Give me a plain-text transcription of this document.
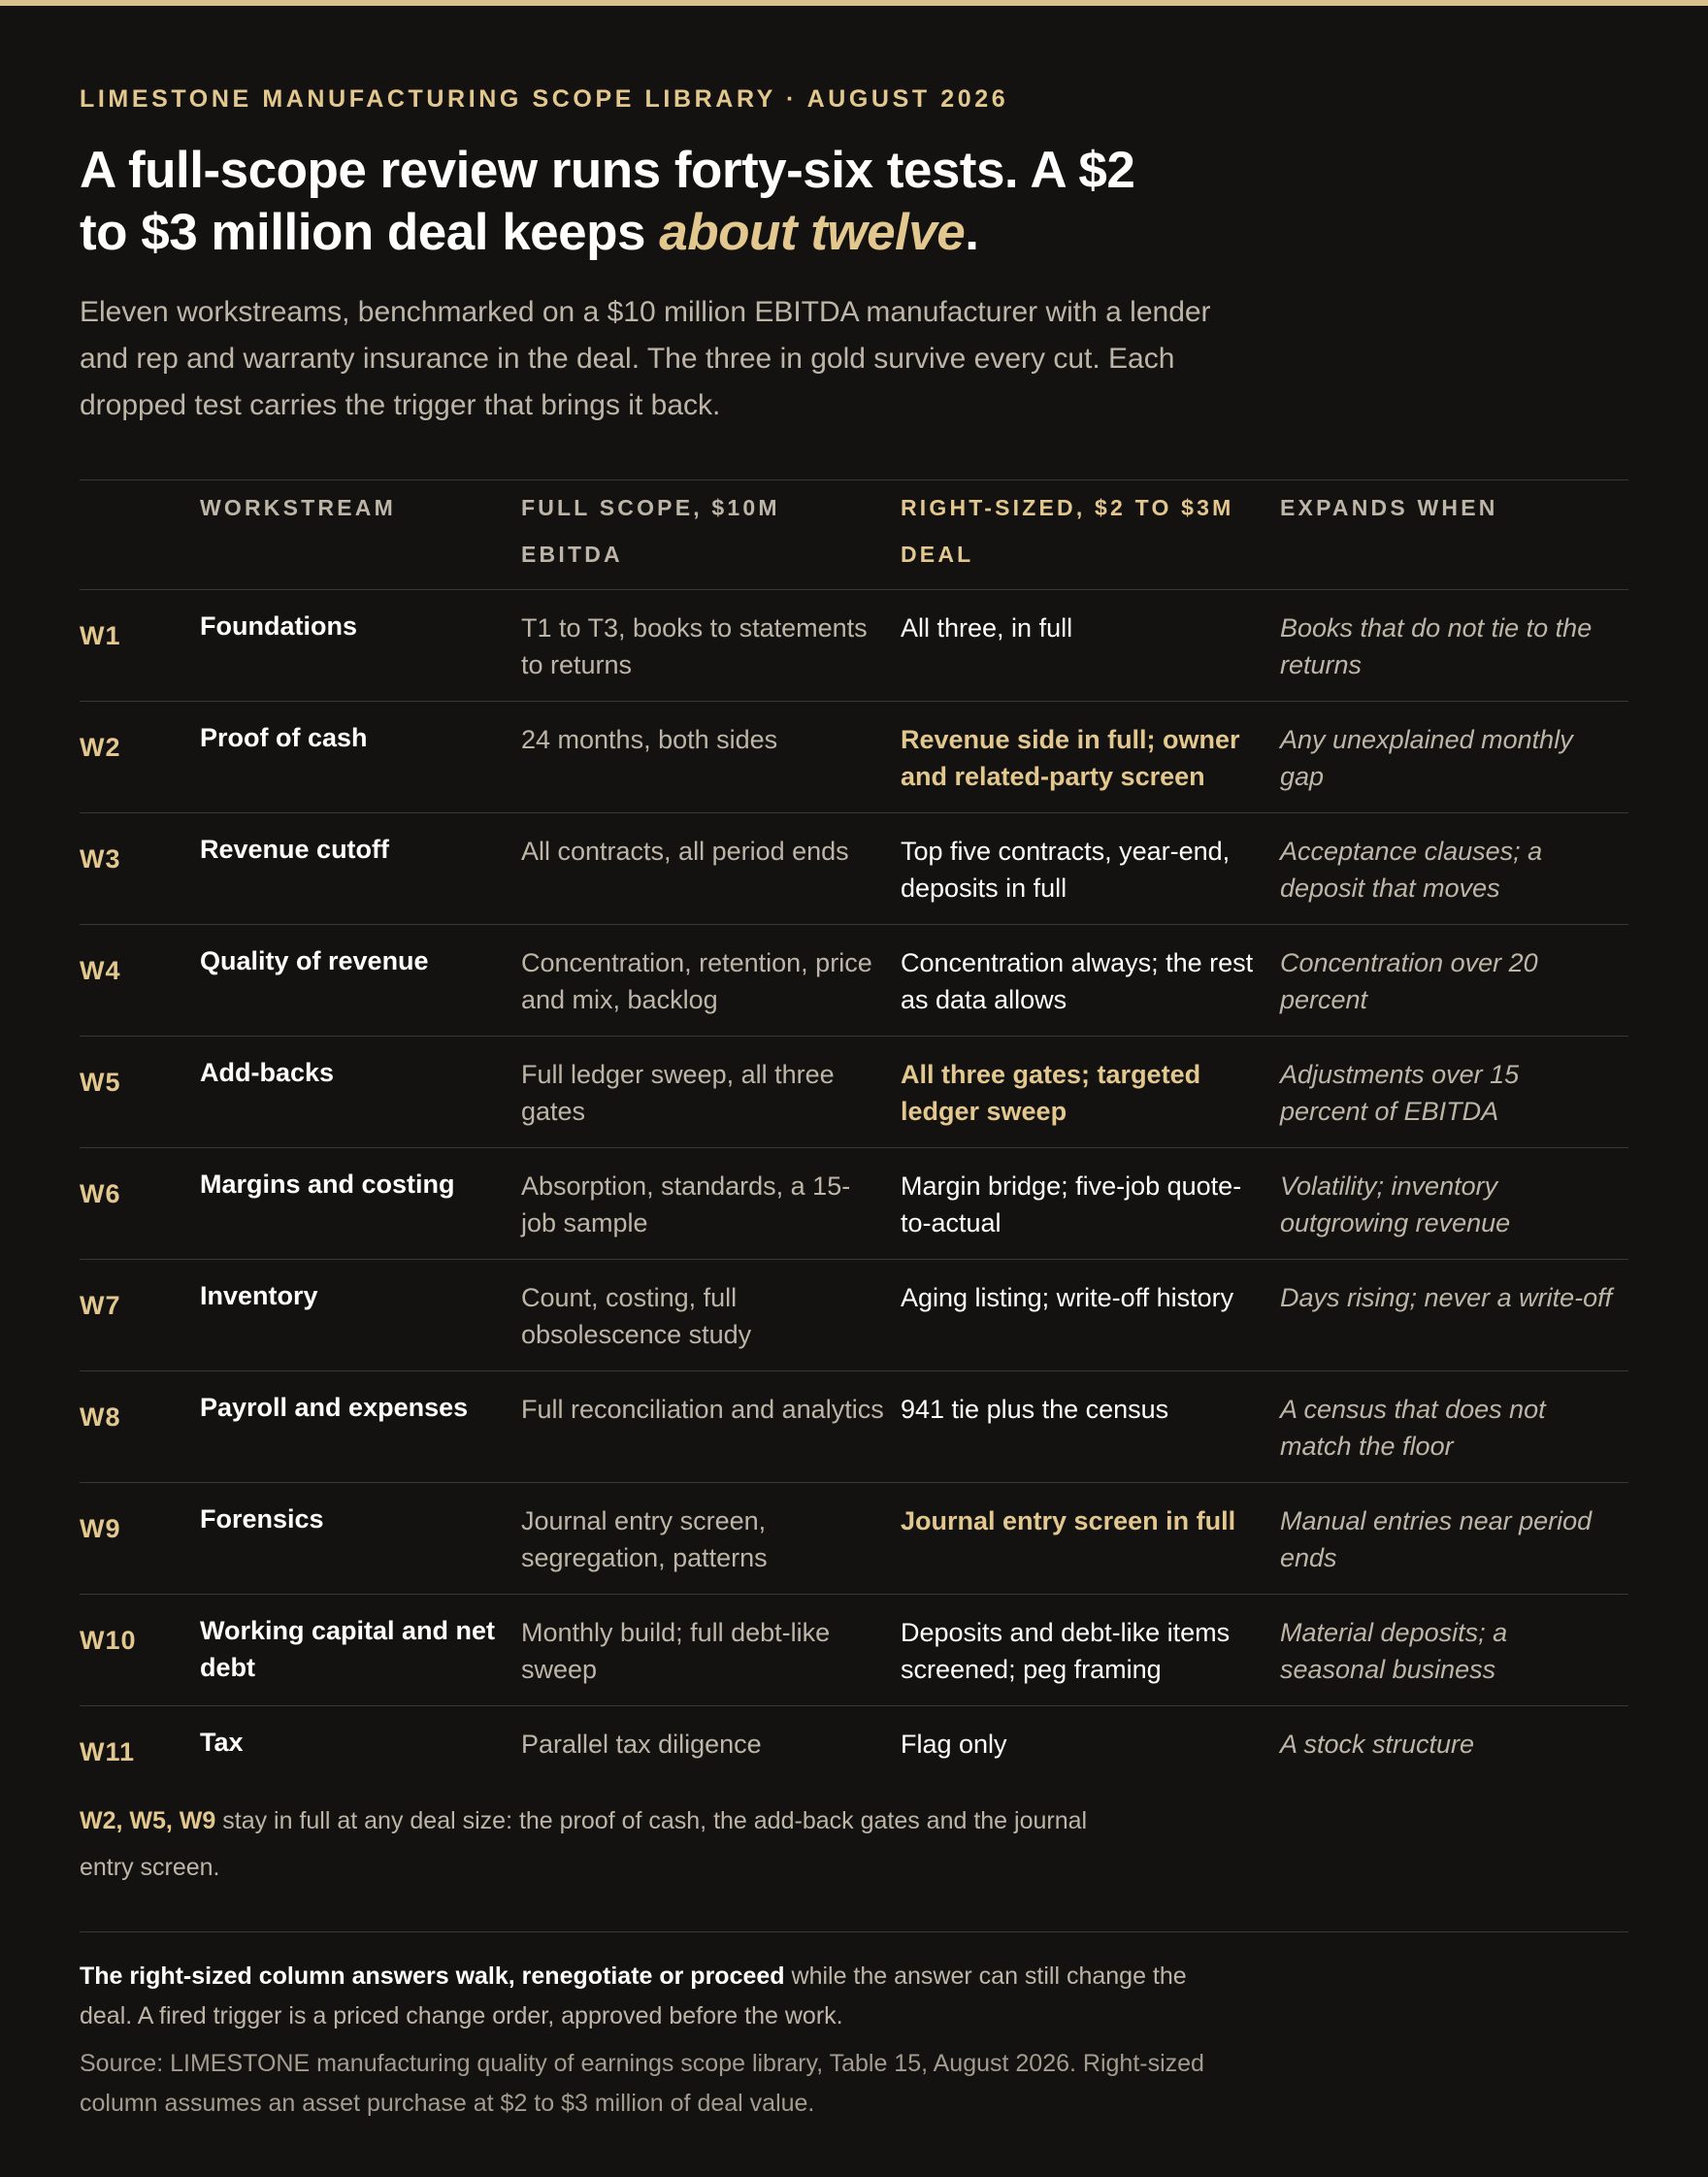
LIMESTONE MANUFACTURING SCOPE LIBRARY · AUGUST 2026
A full-scope review runs forty-six tests. A $2 to $3 million deal keeps about twelve.

Eleven workstreams, benchmarked on a $10 million EBITDA manufacturer with a lender and rep and warranty insurance in the deal. The three in gold survive every cut. Each dropped test carries the trigger that brings it back.

	WORKSTREAM	FULL SCOPE, $10M EBITDA	RIGHT-SIZED, $2 TO $3M DEAL	EXPANDS WHEN
W1	Foundations	T1 to T3, books to statements to returns	All three, in full	Books that do not tie to the returns
W2	Proof of cash	24 months, both sides	Revenue side in full; owner and related-party screen	Any unexplained monthly gap
W3	Revenue cutoff	All contracts, all period ends	Top five contracts, year-end, deposits in full	Acceptance clauses; a deposit that moves
W4	Quality of revenue	Concentration, retention, price and mix, backlog	Concentration always; the rest as data allows	Concentration over 20 percent
W5	Add-backs	Full ledger sweep, all three gates	All three gates; targeted ledger sweep	Adjustments over 15 percent of EBITDA
W6	Margins and costing	Absorption, standards, a 15-job sample	Margin bridge; five-job quote-to-actual	Volatility; inventory outgrowing revenue
W7	Inventory	Count, costing, full obsolescence study	Aging listing; write-off history	Days rising; never a write-off
W8	Payroll and expenses	Full reconciliation and analytics	941 tie plus the census	A census that does not match the floor
W9	Forensics	Journal entry screen, segregation, patterns	Journal entry screen in full	Manual entries near period ends
W10	Working capital and net debt	Monthly build; full debt-like sweep	Deposits and debt-like items screened; peg framing	Material deposits; a seasonal business
W11	Tax	Parallel tax diligence	Flag only	A stock structure

W2, W5, W9 stay in full at any deal size: the proof of cash, the add-back gates and the journal entry screen.

The right-sized column answers walk, renegotiate or proceed while the answer can still change the deal. A fired trigger is a priced change order, approved before the work.

Source: LIMESTONE manufacturing quality of earnings scope library, Table 15, August 2026. Right-sized column assumes an asset purchase at $2 to $3 million of deal value.
